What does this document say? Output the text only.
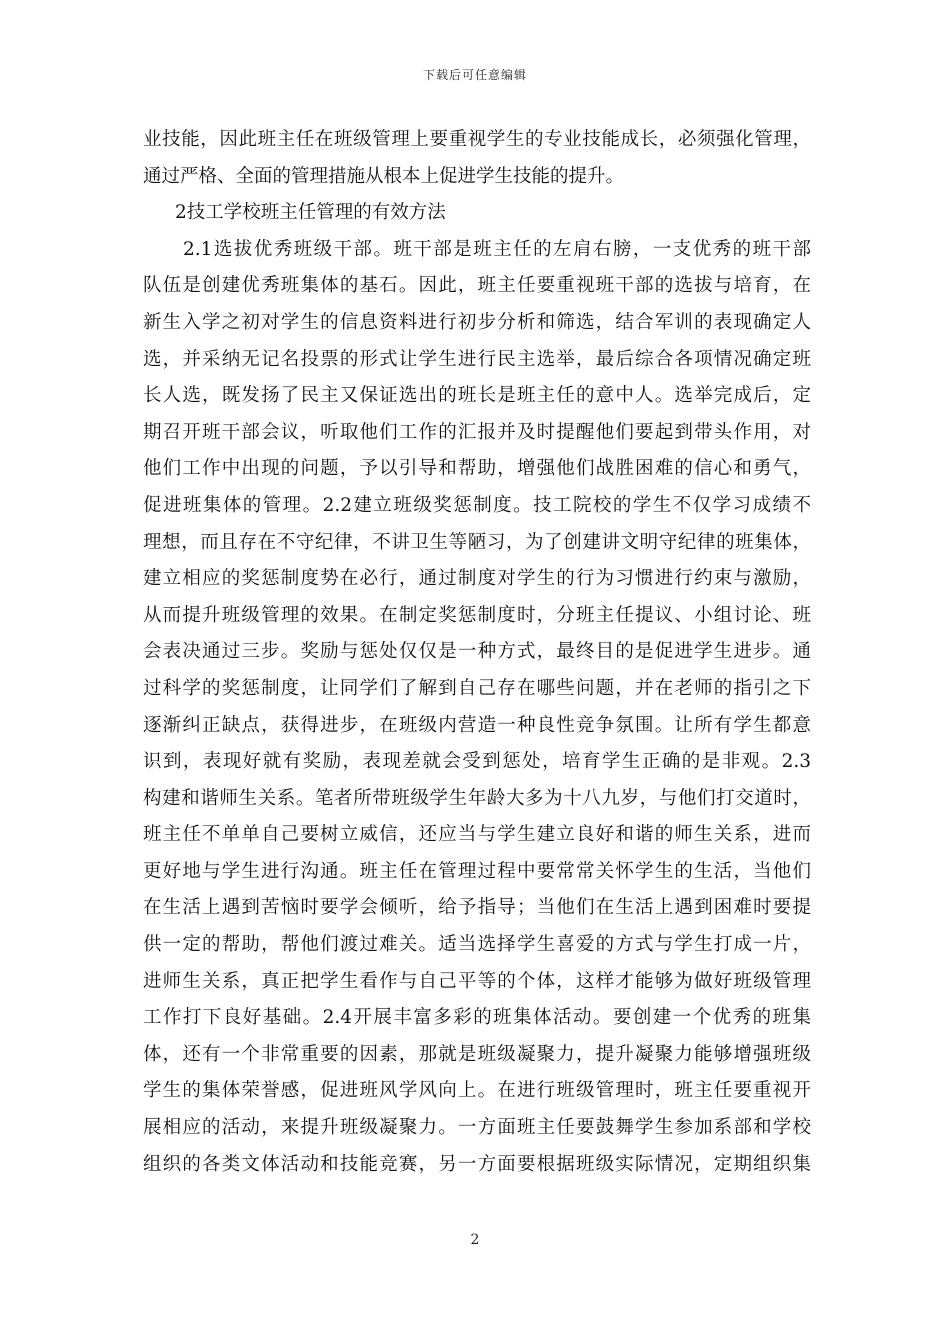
下载后可任意编辑
业技能，因此班主任在班级管理上要重视学生的专业技能成长，必须强化管理，
通过严格、全面的管理措施从根本上促进学生技能的提升。
2技工学校班主任管理的有效方法
2.1选拔优秀班级干部。班干部是班主任的左肩右膀，一支优秀的班干部
队伍是创建优秀班集体的基石。因此，班主任要重视班干部的选拔与培育，在
新生入学之初对学生的信息资料进行初步分析和筛选，结合军训的表现确定人
选，并采纳无记名投票的形式让学生进行民主选举，最后综合各项情况确定班
长人选，既发扬了民主又保证选出的班长是班主任的意中人。选举完成后，定
期召开班干部会议，听取他们工作的汇报并及时提醒他们要起到带头作用，对
他们工作中出现的问题，予以引导和帮助，增强他们战胜困难的信心和勇气，
促进班集体的管理。2.2建立班级奖惩制度。技工院校的学生不仅学习成绩不
理想，而且存在不守纪律，不讲卫生等陋习，为了创建讲文明守纪律的班集体，
建立相应的奖惩制度势在必行，通过制度对学生的行为习惯进行约束与激励，
从而提升班级管理的效果。在制定奖惩制度时，分班主任提议、小组讨论、班
会表决通过三步。奖励与惩处仅仅是一种方式，最终目的是促进学生进步。通
过科学的奖惩制度，让同学们了解到自己存在哪些问题，并在老师的指引之下
逐渐纠正缺点，获得进步，在班级内营造一种良性竞争氛围。让所有学生都意
识到，表现好就有奖励，表现差就会受到惩处，培育学生正确的是非观。2.3
构建和谐师生关系。笔者所带班级学生年龄大多为十八九岁，与他们打交道时，
班主任不单单自己要树立威信，还应当与学生建立良好和谐的师生关系，进而
更好地与学生进行沟通。班主任在管理过程中要常常关怀学生的生活，当他们
在生活上遇到苦恼时要学会倾听，给予指导；当他们在生活上遇到困难时要提
供一定的帮助，帮他们渡过难关。适当选择学生喜爱的方式与学生打成一片，
进师生关系，真正把学生看作与自己平等的个体，这样才能够为做好班级管理
工作打下良好基础。2.4开展丰富多彩的班集体活动。要创建一个优秀的班集
体，还有一个非常重要的因素，那就是班级凝聚力，提升凝聚力能够增强班级
学生的集体荣誉感，促进班风学风向上。在进行班级管理时，班主任要重视开
展相应的活动，来提升班级凝聚力。一方面班主任要鼓舞学生参加系部和学校
组织的各类文体活动和技能竞赛，另一方面要根据班级实际情况，定期组织集
2
